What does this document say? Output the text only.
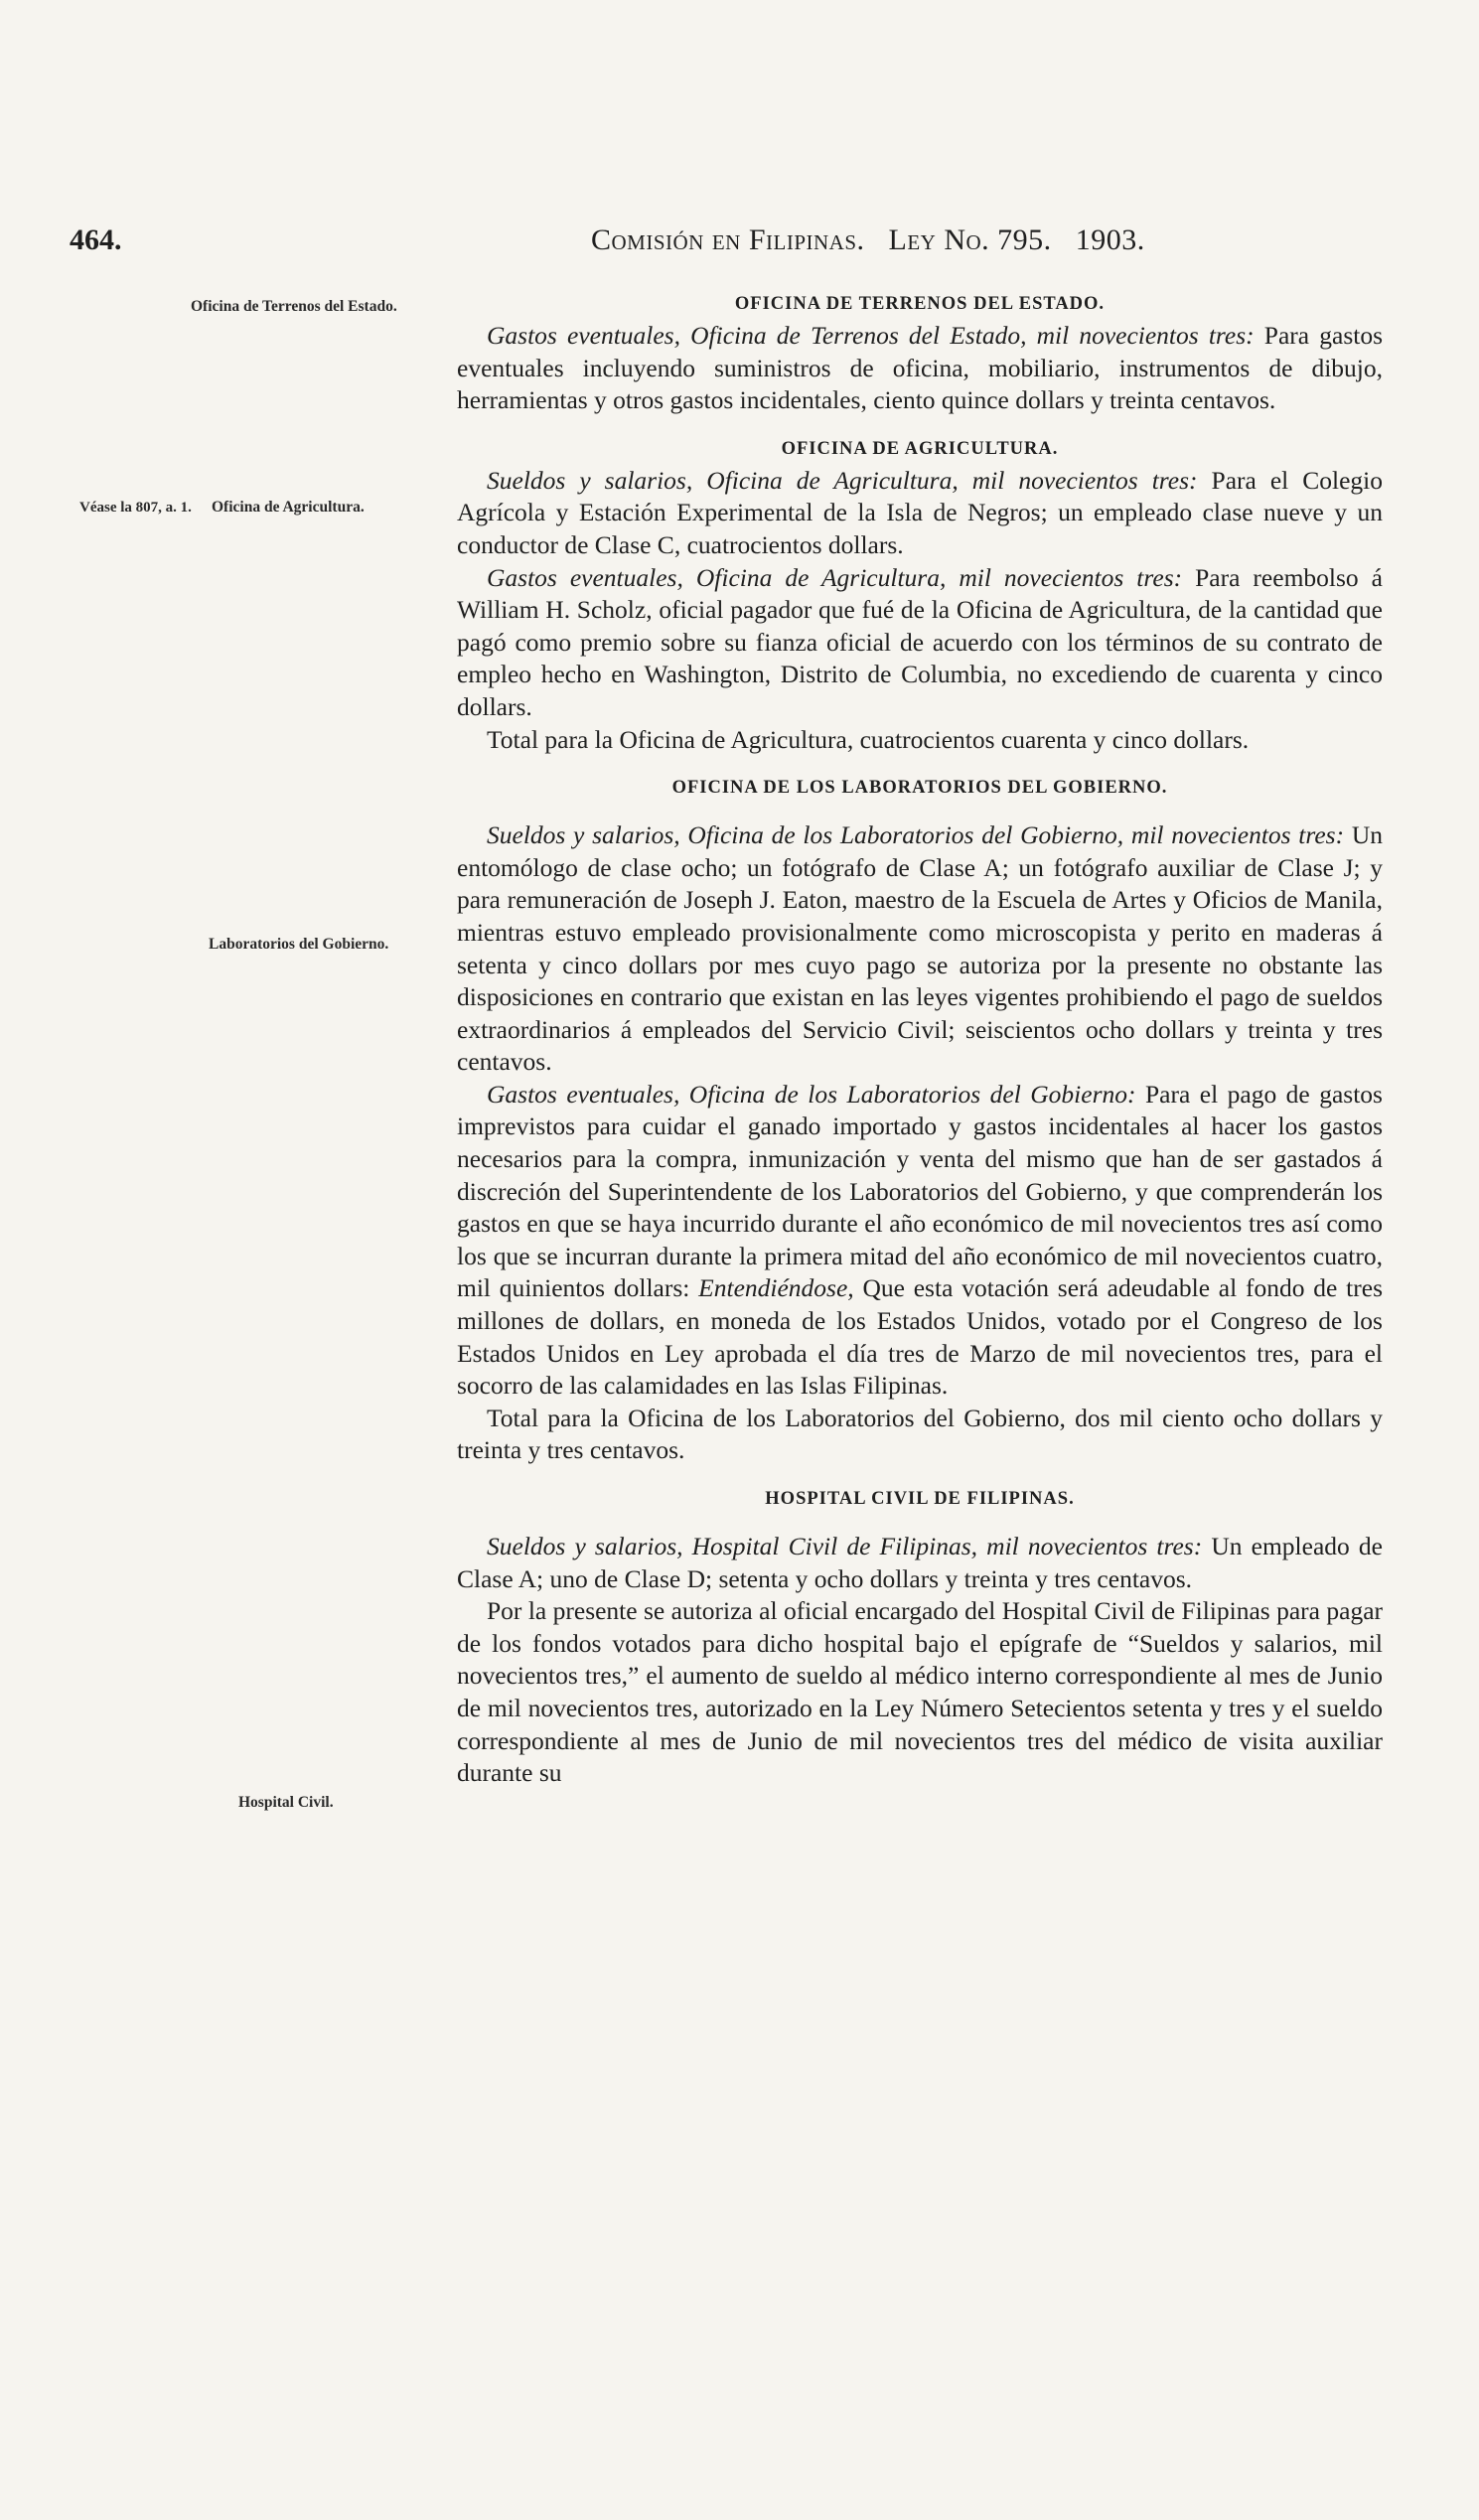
464.	Comisión en Filipinas. Ley No. 795. 1903.
Oficina de Terrenos del Estado.
Véase la 807, a. 1.	Oficina de Agricultura.
Laboratorios del Gobierno.
Hospital Civil.
OFICINA DE TERRENOS DEL ESTADO.

Gastos eventuales, Oficina de Terrenos del Estado, mil novecientos tres: Para gastos eventuales incluyendo suministros de oficina, mobiliario, instrumentos de dibujo, herramientas y otros gastos incidentales, ciento quince dollars y treinta centavos.

OFICINA DE AGRICULTURA.

Sueldos y salarios, Oficina de Agricultura, mil novecientos tres: Para el Colegio Agrícola y Estación Experimental de la Isla de Negros; un empleado clase nueve y un conductor de Clase C, cuatrocientos dollars.

Gastos eventuales, Oficina de Agricultura, mil novecientos tres: Para reembolso á William H. Scholz, oficial pagador que fué de la Oficina de Agricultura, de la cantidad que pagó como premio sobre su fianza oficial de acuerdo con los términos de su contrato de empleo hecho en Washington, Distrito de Columbia, no excediendo de cuarenta y cinco dollars.

Total para la Oficina de Agricultura, cuatrocientos cuarenta y cinco dollars.

OFICINA DE LOS LABORATORIOS DEL GOBIERNO.

Sueldos y salarios, Oficina de los Laboratorios del Gobierno, mil novecientos tres: Un entomólogo de clase ocho; un fotógrafo de Clase A; un fotógrafo auxiliar de Clase J; y para remuneración de Joseph J. Eaton, maestro de la Escuela de Artes y Oficios de Manila, mientras estuvo empleado provisionalmente como microscopista y perito en maderas á setenta y cinco dollars por mes cuyo pago se autoriza por la presente no obstante las disposiciones en contrario que existan en las leyes vigentes prohibiendo el pago de sueldos extraordinarios á empleados del Servicio Civil; seiscientos ocho dollars y treinta y tres centavos.

Gastos eventuales, Oficina de los Laboratorios del Gobierno: Para el pago de gastos imprevistos para cuidar el ganado importado y gastos incidentales al hacer los gastos necesarios para la compra, inmunización y venta del mismo que han de ser gastados á discreción del Superintendente de los Laboratorios del Gobierno, y que comprenderán los gastos en que se haya incurrido durante el año económico de mil novecientos tres así como los que se incurran durante la primera mitad del año económico de mil novecientos cuatro, mil quinientos dollars: Entendiéndose, Que esta votación será adeudable al fondo de tres millones de dollars, en moneda de los Estados Unidos, votado por el Congreso de los Estados Unidos en Ley aprobada el día tres de Marzo de mil novecientos tres, para el socorro de las calamidades en las Islas Filipinas.

Total para la Oficina de los Laboratorios del Gobierno, dos mil ciento ocho dollars y treinta y tres centavos.

HOSPITAL CIVIL DE FILIPINAS.

Sueldos y salarios, Hospital Civil de Filipinas, mil novecientos tres: Un empleado de Clase A; uno de Clase D; setenta y ocho dollars y treinta y tres centavos.

Por la presente se autoriza al oficial encargado del Hospital Civil de Filipinas para pagar de los fondos votados para dicho hospital bajo el epígrafe de “Sueldos y salarios, mil novecientos tres,” el aumento de sueldo al médico interno correspondiente al mes de Junio de mil novecientos tres, autorizado en la Ley Número Setecientos setenta y tres y el sueldo correspondiente al mes de Junio de mil novecientos tres del médico de visita auxiliar durante su
